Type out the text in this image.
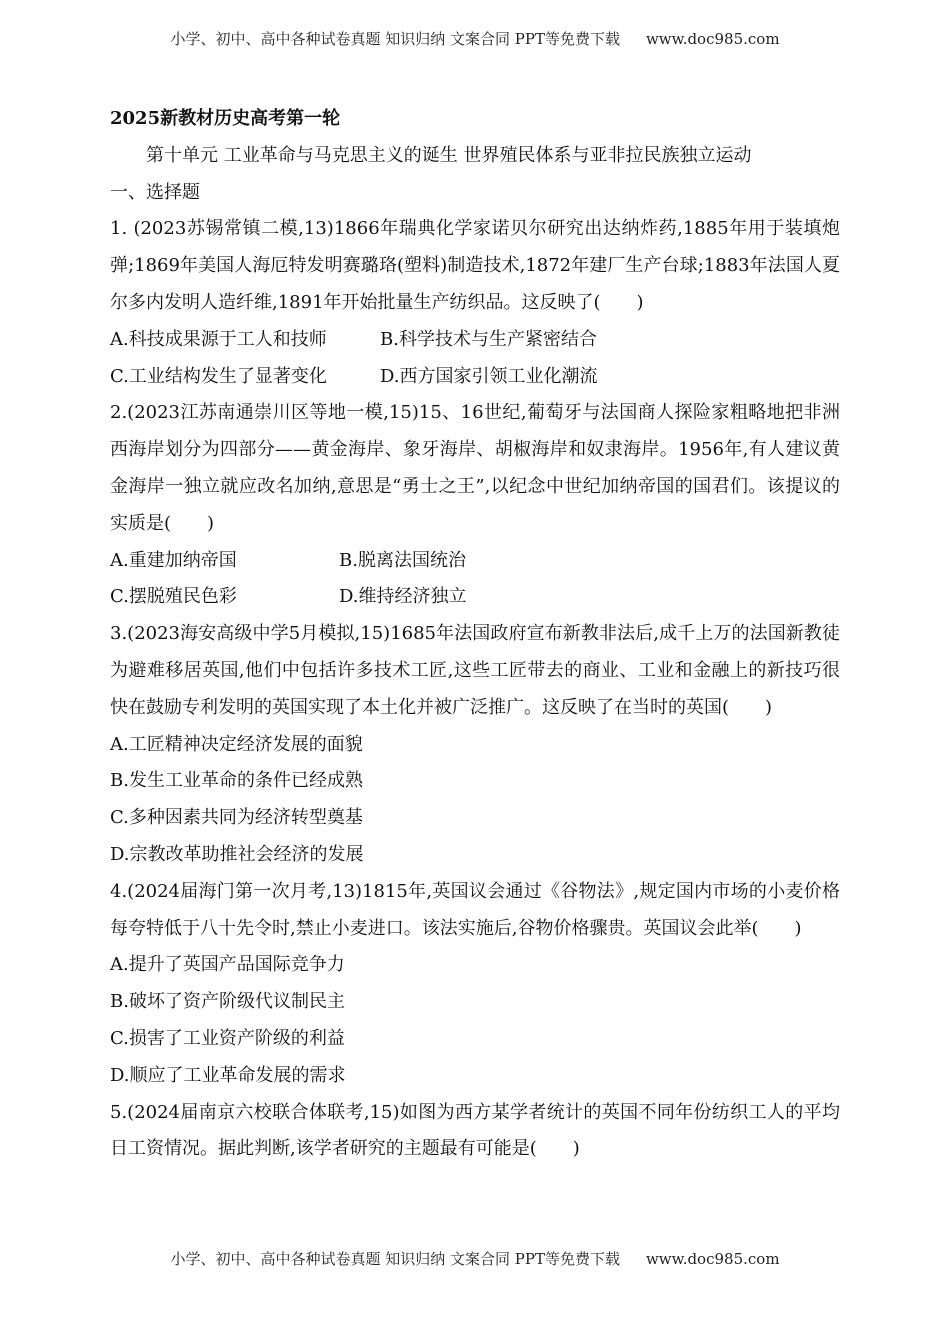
小学、初中、高中各种试卷真题 知识归纳 文案合同 PPT等免费下载 www.doc985.com

2025新教材历史高考第一轮

第十单元 工业革命与马克思主义的诞生 世界殖民体系与亚非拉民族独立运动

一、选择题

1. (2023苏锡常镇二模,13)1866年瑞典化学家诺贝尔研究出达纳炸药,1885年用于装填炮弹;1869年美国人海厄特发明赛璐珞(塑料)制造技术,1872年建厂生产台球;1883年法国人夏尔多内发明人造纤维,1891年开始批量生产纺织品。这反映了(　　)

A.科技成果源于工人和技师	B.科学技术与生产紧密结合
C.工业结构发生了显著变化	D.西方国家引领工业化潮流

2.(2023江苏南通崇川区等地一模,15)15、16世纪,葡萄牙与法国商人探险家粗略地把非洲西海岸划分为四部分——黄金海岸、象牙海岸、胡椒海岸和奴隶海岸。1956年,有人建议黄金海岸一独立就应改名加纳,意思是“勇士之王”,以纪念中世纪加纳帝国的国君们。该提议的实质是(　　)

A.重建加纳帝国	B.脱离法国统治
C.摆脱殖民色彩	D.维持经济独立

3.(2023海安高级中学5月模拟,15)1685年法国政府宣布新教非法后,成千上万的法国新教徒为避难移居英国,他们中包括许多技术工匠,这些工匠带去的商业、工业和金融上的新技巧很快在鼓励专利发明的英国实现了本土化并被广泛推广。这反映了在当时的英国(　　)

A.工匠精神决定经济发展的面貌

B.发生工业革命的条件已经成熟

C.多种因素共同为经济转型奠基

D.宗教改革助推社会经济的发展

4.(2024届海门第一次月考,13)1815年,英国议会通过《谷物法》,规定国内市场的小麦价格每夸特低于八十先令时,禁止小麦进口。该法实施后,谷物价格骤贵。英国议会此举(　　)

A.提升了英国产品国际竞争力

B.破坏了资产阶级代议制民主

C.损害了工业资产阶级的利益

D.顺应了工业革命发展的需求

5.(2024届南京六校联合体联考,15)如图为西方某学者统计的英国不同年份纺织工人的平均日工资情况。据此判断,该学者研究的主题最有可能是(　　)

小学、初中、高中各种试卷真题 知识归纳 文案合同 PPT等免费下载 www.doc985.com
